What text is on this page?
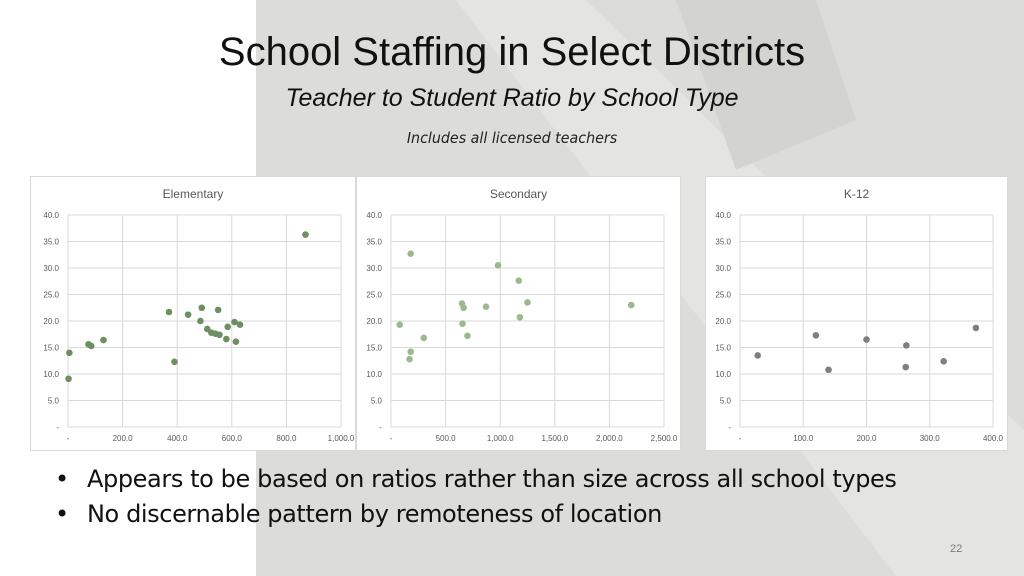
School Staffing in Select Districts
Teacher to Student Ratio by School Type
Includes all licensed teachers
Elementary
-
5.0
10.0
15.0
20.0
25.0
30.0
35.0
40.0
-	200.0	400.0	600.0	800.0	1,000.0
Secondary
-
5.0
10.0
15.0
20.0
25.0
30.0
35.0
40.0
-	500.0	1,000.0	1,500.0	2,000.0	2,500.0
K-12
-
5.0
10.0
15.0
20.0
25.0
30.0
35.0
40.0
-	100.0	200.0	300.0	400.0
• Appears to be based on ratios rather than size across all school types
• No discernable pattern by remoteness of location
22
